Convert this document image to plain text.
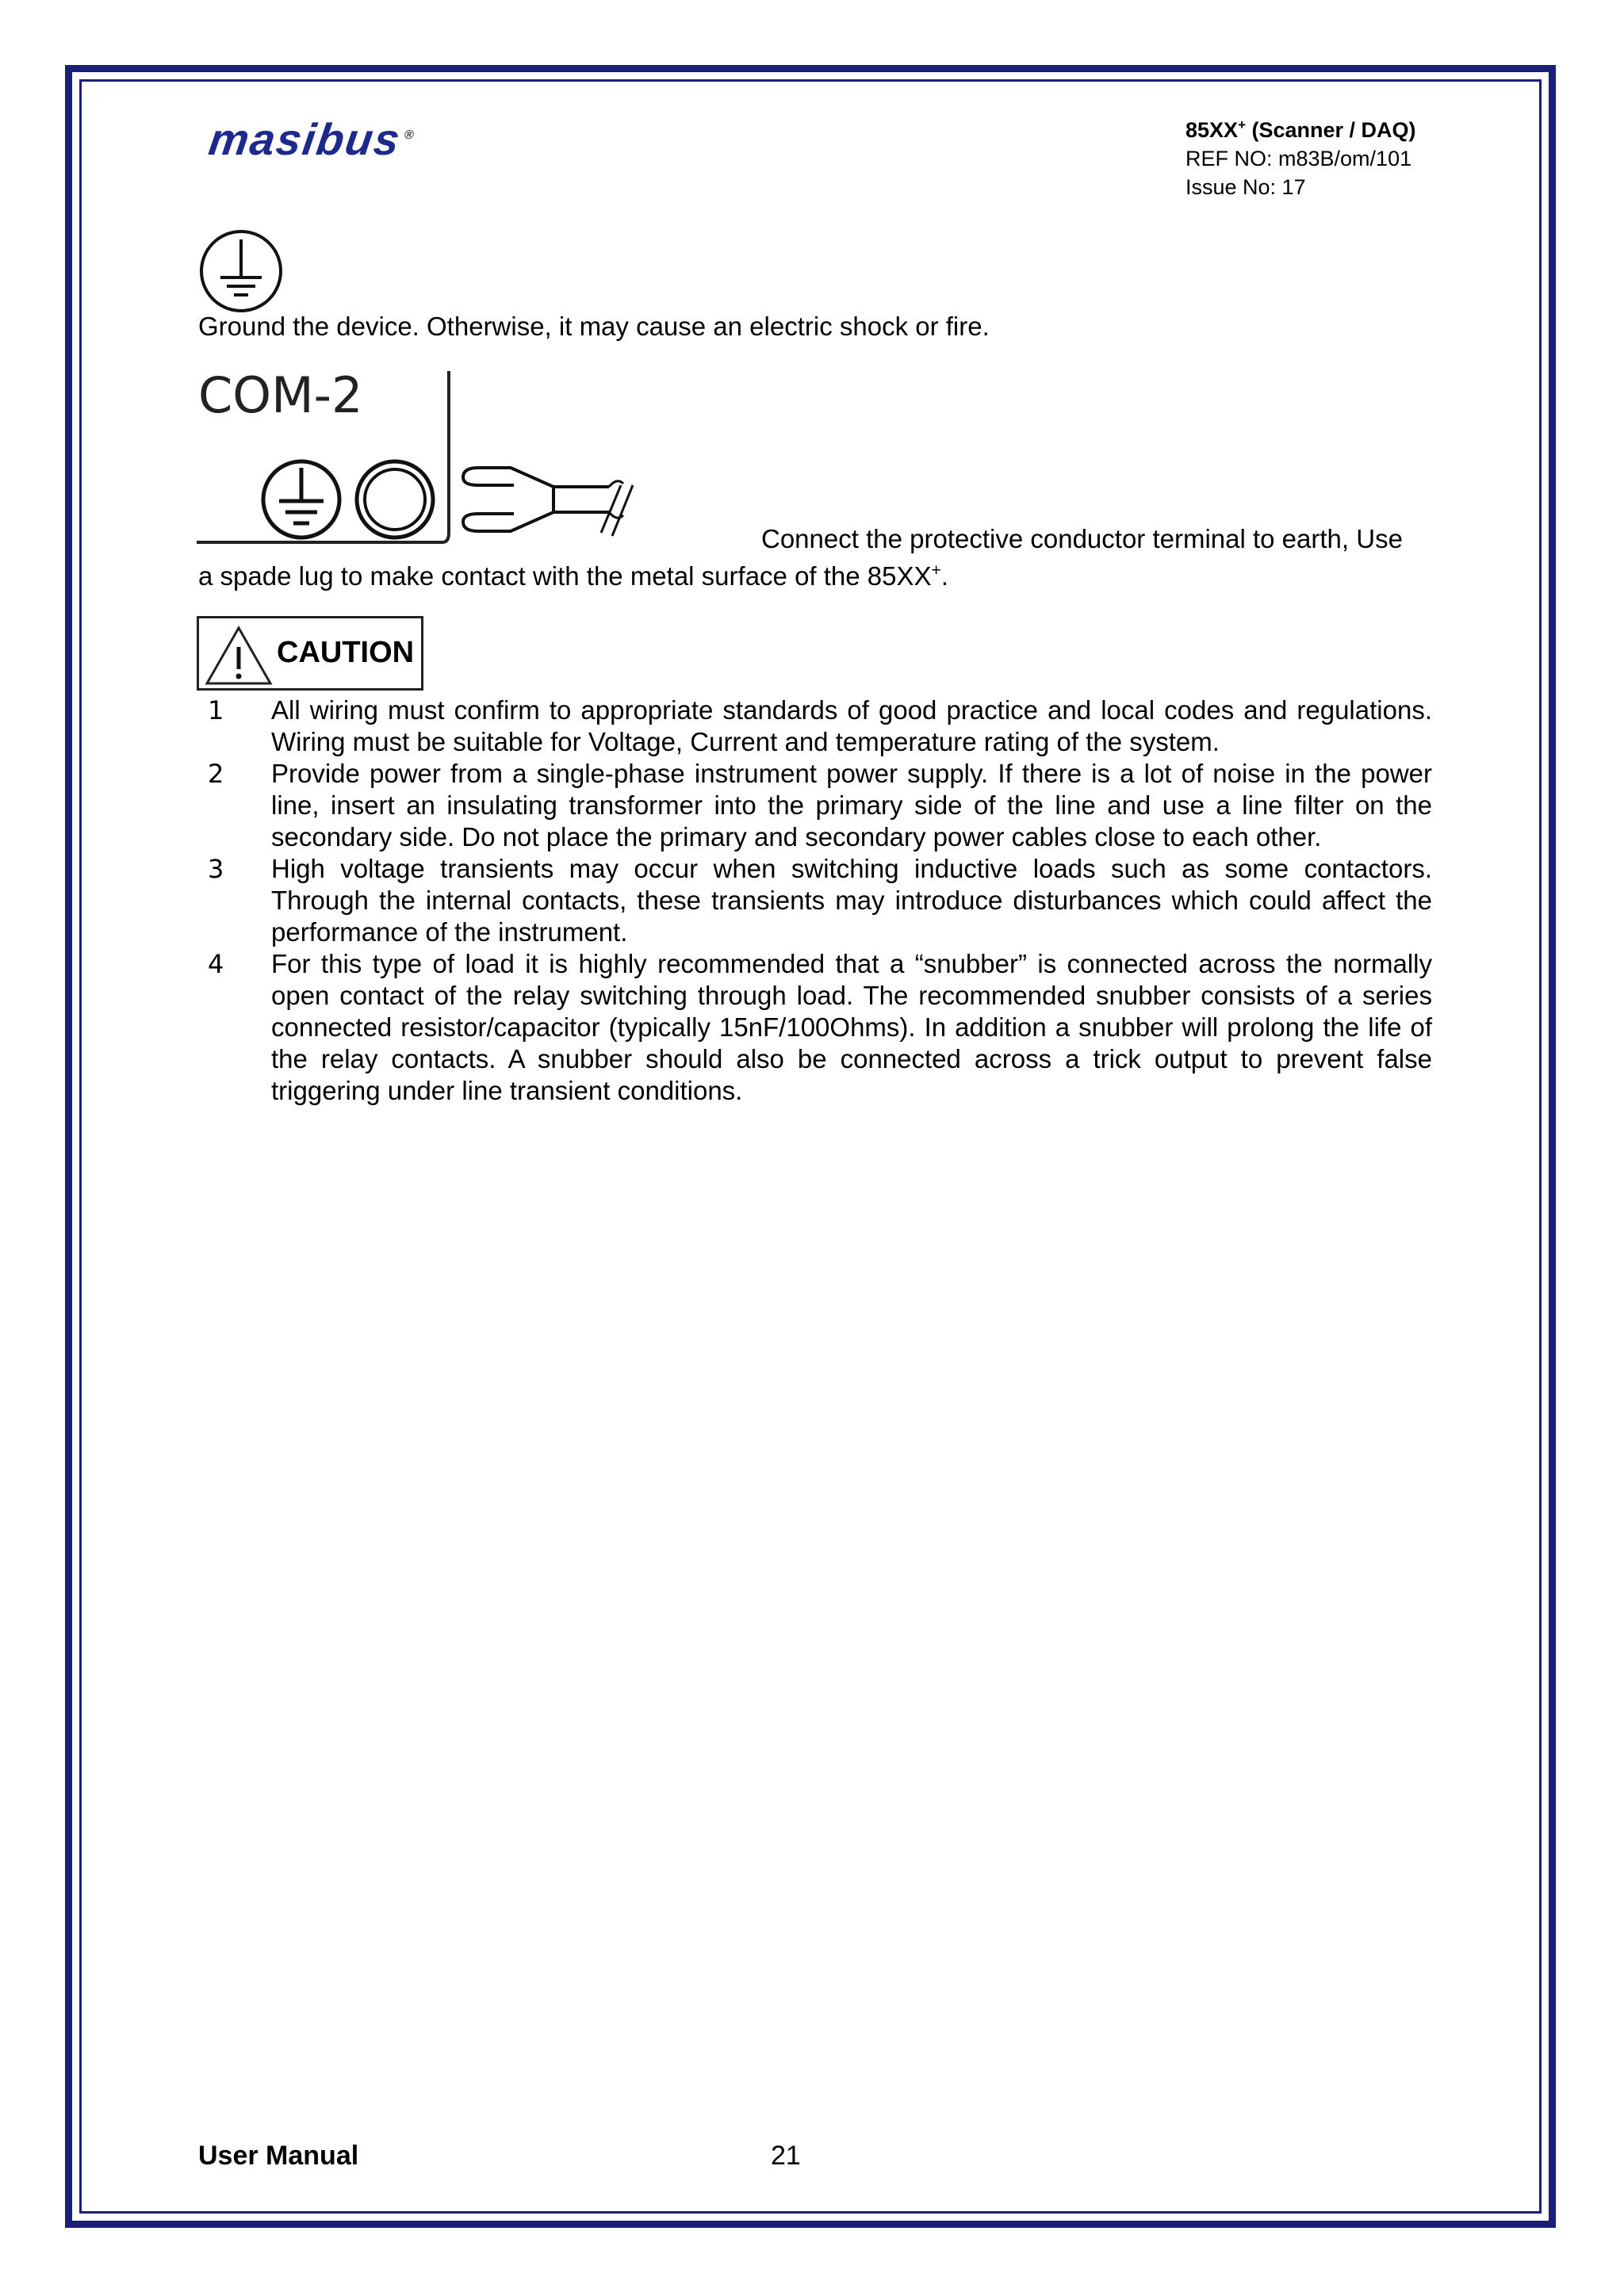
masibus®	85XX+ (Scanner / DAQ)
REF NO: m83B/om/101
Issue No: 17
Ground the device. Otherwise, it may cause an electric shock or fire.
COM-2
Connect the protective conductor terminal to earth, Use
a spade lug to make contact with the metal surface of the 85XX+.
CAUTION
1 All wiring must confirm to appropriate standards of good practice and local codes and regulations. Wiring must be suitable for Voltage, Current and temperature rating of the system.
2 Provide power from a single-phase instrument power supply. If there is a lot of noise in the power line, insert an insulating transformer into the primary side of the line and use a line filter on the secondary side. Do not place the primary and secondary power cables close to each other.
3 High voltage transients may occur when switching inductive loads such as some contactors. Through the internal contacts, these transients may introduce disturbances which could affect the performance of the instrument.
4 For this type of load it is highly recommended that a “snubber” is connected across the normally open contact of the relay switching through load. The recommended snubber consists of a series connected resistor/capacitor (typically 15nF/100Ohms). In addition a snubber will prolong the life of the relay contacts. A snubber should also be connected across a trick output to prevent false triggering under line transient conditions.
User Manual	21
